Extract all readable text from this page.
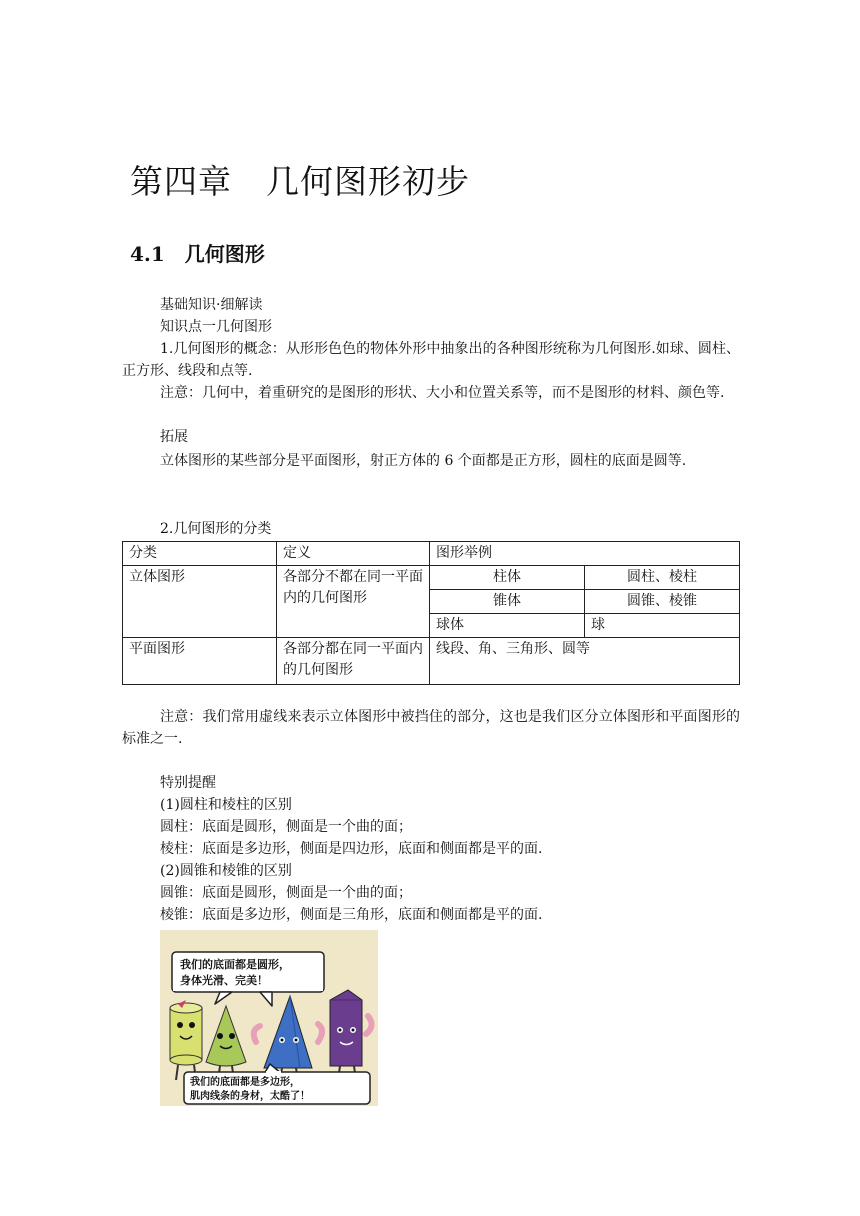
第四章　几何图形初步
4.1　几何图形

基础知识·细解读

知识点一几何图形

1.几何图形的概念：从形形色色的物体外形中抽象出的各种图形统称为几何图形.如球、圆柱、正方形、线段和点等.

注意：几何中，着重研究的是图形的形状、大小和位置关系等，而不是图形的材料、颜色等.

拓展

立体图形的某些部分是平面图形，射正方体的 6 个面都是正方形，圆柱的底面是圆等.

2.几何图形的分类

分类	定义	图形举例	
立体图形	各部分不都在同一平面内的几何图形	柱体	圆柱、棱柱
		锥体	圆锥、棱锥
		球体	球
平面图形	各部分都在同一平面内的几何图形	线段、角、三角形、圆等	

注意：我们常用虚线来表示立体图形中被挡住的部分，这也是我们区分立体图形和平面图形的标准之一.

特别提醒

(1)圆柱和棱柱的区别

圆柱：底面是圆形，侧面是一个曲的面；

棱柱：底面是多边形，侧面是四边形，底面和侧面都是平的面.

(2)圆锥和棱锥的区别

圆锥：底面是圆形，侧面是一个曲的面；

棱锥：底面是多边形，侧面是三角形，底面和侧面都是平的面.

我们的底面都是圆形，
身体光滑、完美！
我们的底面都是多边形，
肌肉线条的身材，太酷了！
